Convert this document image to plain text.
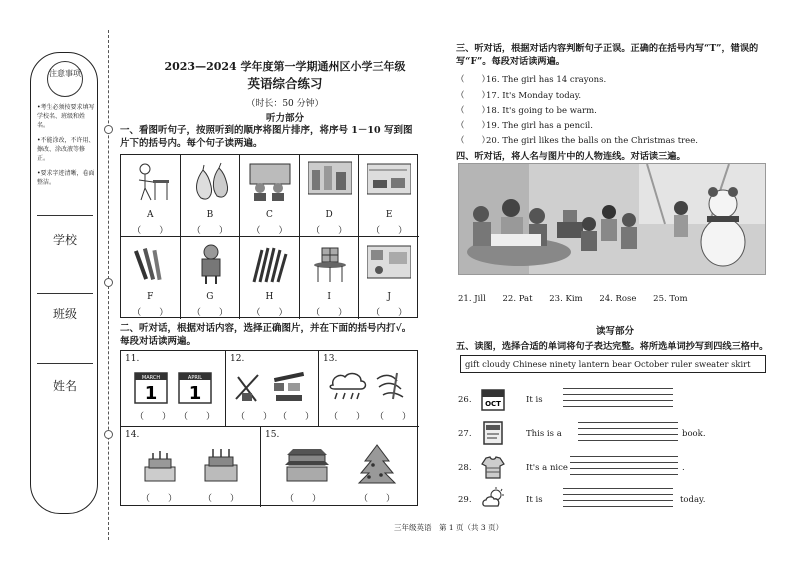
注意事项
•考生必须按要求填写学校名、班级和姓名。
•不能涂改，不许用、擦改、涂改液等修正。
•要求字迹清晰，卷面整洁。
学校
班级
姓名
2023—2024 学年度第一学期通州区小学三年级
英语综合练习
（时长：50 分钟）
听力部分
一、看图听句子，按照听到的顺序将图片排序，将序号 1－10 写到图片下的括号内。每个句子读两遍。
A
（　　）
B
（　　）
C
（　　）
D
（　　）
E
（　　）
F
（　　）
G
（　　）
H
（　　）
I
（　　）
J
（　　）
二、听对话，根据对话内容，选择正确图片，并在下面的括号内打√。每段对话读两遍。
11.
MARCH
1
APRIL
1
（　　） （　　）
12.
（　　） （　　）
13.
（　　） （　　）
14.
（　　）	（　　）
15.
（　　）	（　　）
三、听对话，根据对话内容判断句子正误。正确的在括号内写“T”，错误的写“F”。每段对话读两遍。
（　　）16. The girl has 14 crayons.
（　　）17. It's Monday today.
（　　）18. It's going to be warm.
（　　）19. The girl has a pencil.
（　　）20. The girl likes the balls on the Christmas tree.
四、听对话，将人名与图片中的人物连线。对话读三遍。
21. Jill 22. Pat 23. Kim 24. Rose 25. Tom
读写部分
五、读图，选择合适的单词将句子表达完整。将所选单词抄写到四线三格中。
gift cloudy Chinese ninety lantern bear October ruler sweater skirt
26. OCT	It is
27.	This is a	book.
28.	It's a nice	.
29.	It is	today.
三年级英语　第 1 页（共 3 页）
